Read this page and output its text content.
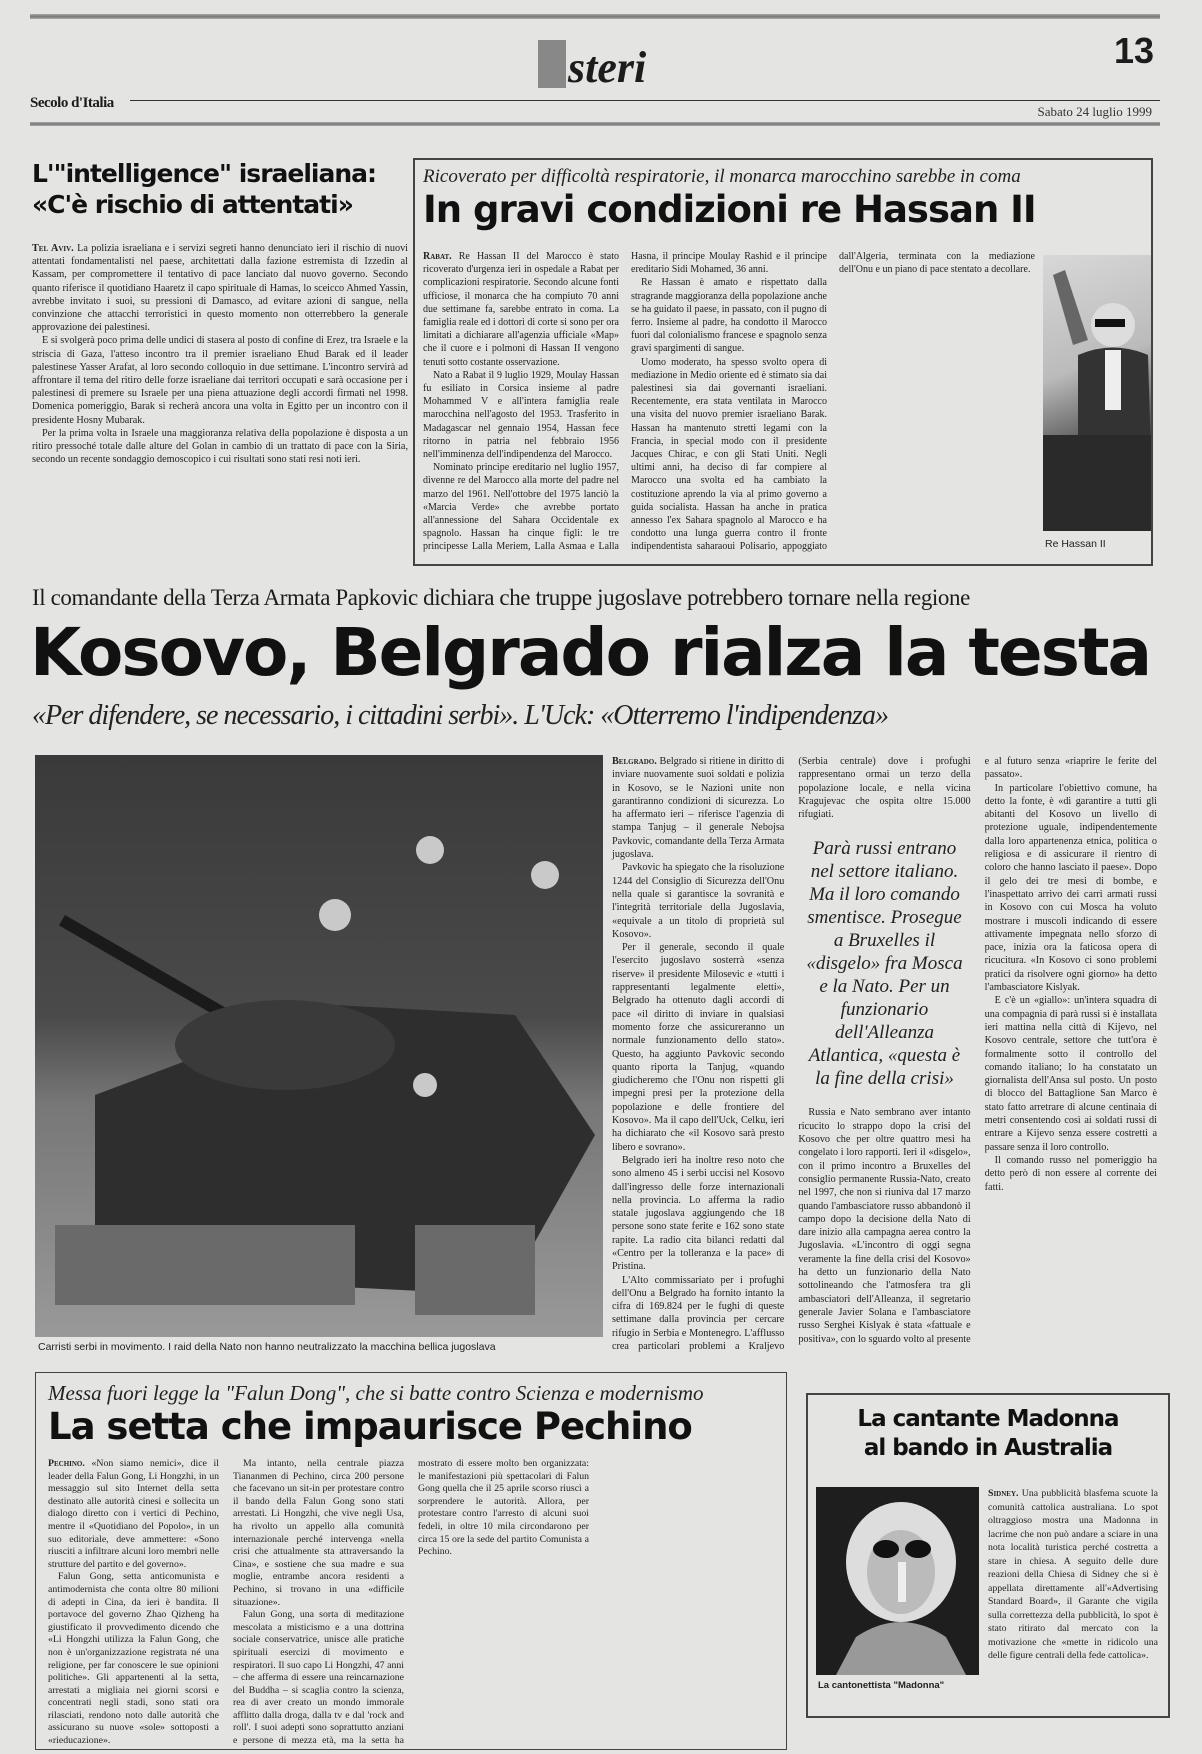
steri	13
Secolo d'Italia
Sabato 24 luglio 1999
L'"intelligence" israeliana:
«C'è rischio di attentati»

Tel Aviv. La polizia israeliana e i servizi segreti hanno denunciato ieri il rischio di nuovi attentati fondamentalisti nel paese, architettati dalla fazione estremista di Izzedin al Kassam, per compromettere il tentativo di pace lanciato dal nuovo governo. Secondo quanto riferisce il quotidiano Haaretz il capo spirituale di Hamas, lo sceicco Ahmed Yassin, avrebbe invitato i suoi, su pressioni di Damasco, ad evitare azioni di sangue, nella convinzione che attacchi terroristici in questo momento non otterrebbero la generale approvazione dei palestinesi.

E si svolgerà poco prima delle undici di stasera al posto di confine di Erez, tra Israele e la striscia di Gaza, l'atteso incontro tra il premier israeliano Ehud Barak ed il leader palestinese Yasser Arafat, al loro secondo colloquio in due settimane. L'incontro servirà ad affrontare il tema del ritiro delle forze israeliane dai territori occupati e sarà occasione per i palestinesi di premere su Israele per una piena attuazione degli accordi firmati nel 1998. Domenica pomeriggio, Barak si recherà ancora una volta in Egitto per un incontro con il presidente Hosny Mubarak.

Per la prima volta in Israele una maggioranza relativa della popolazione è disposta a un ritiro pressoché totale dalle alture del Golan in cambio di un trattato di pace con la Siria, secondo un recente sondaggio demoscopico i cui risultati sono stati resi noti ieri.

Ricoverato per difficoltà respiratorie, il monarca marocchino sarebbe in coma
In gravi condizioni re Hassan II

Rabat. Re Hassan II del Marocco è stato ricoverato d'urgenza ieri in ospedale a Rabat per complicazioni respiratorie. Secondo alcune fonti ufficiose, il monarca che ha compiuto 70 anni due settimane fa, sarebbe entrato in coma. La famiglia reale ed i dottori di corte si sono per ora limitati a dichiarare all'agenzia ufficiale «Map» che il cuore e i polmoni di Hassan II vengono tenuti sotto costante osservazione.

Nato a Rabat il 9 luglio 1929, Moulay Hassan fu esiliato in Corsica insieme al padre Mohammed V e all'intera famiglia reale marocchina nell'agosto del 1953. Trasferito in Madagascar nel gennaio 1954, Hassan fece ritorno in patria nel febbraio 1956 nell'imminenza dell'indipendenza del Marocco.

Nominato principe ereditario nel luglio 1957, divenne re del Marocco alla morte del padre nel marzo del 1961. Nell'ottobre del 1975 lanciò la «Marcia Verde» che avrebbe portato all'annessione del Sahara Occidentale ex spagnolo. Hassan ha cinque figli: le tre principesse Lalla Meriem, Lalla Asmaa e Lalla Hasna, il principe Moulay Rashid e il principe ereditario Sidi Mohamed, 36 anni.

Re Hassan è amato e rispettato dalla stragrande maggioranza della popolazione anche se ha guidato il paese, in passato, con il pugno di ferro. Insieme al padre, ha condotto il Marocco fuori dal colonialismo francese e spagnolo senza gravi spargimenti di sangue.

Uomo moderato, ha spesso svolto opera di mediazione in Medio oriente ed è stimato sia dai palestinesi sia dai governanti israeliani. Recentemente, era stata ventilata in Marocco una visita del nuovo premier israeliano Barak. Hassan ha mantenuto stretti legami con la Francia, in special modo con il presidente Jacques Chirac, e con gli Stati Uniti. Negli ultimi anni, ha deciso di far compiere al Marocco una svolta ed ha cambiato la costituzione aprendo la via al primo governo a guida socialista. Hassan ha anche in pratica annesso l'ex Sahara spagnolo al Marocco e ha condotto una lunga guerra contro il fronte indipendentista saharaoui Polisario, appoggiato dall'Algeria, terminata con la mediazione dell'Onu e un piano di pace stentato a decollare.

Re Hassan II
Il comandante della Terza Armata Papkovic dichiara che truppe jugoslave potrebbero tornare nella regione
Kosovo, Belgrado rialza la testa
«Per difendere, se necessario, i cittadini serbi». L'Uck: «Otterremo l'indipendenza»
Carristi serbi in movimento. I raid della Nato non hanno neutralizzato la macchina bellica jugoslava

Belgrado. Belgrado si ritiene in diritto di inviare nuovamente suoi soldati e polizia in Kosovo, se le Nazioni unite non garantiranno condizioni di sicurezza. Lo ha affermato ieri – riferisce l'agenzia di stampa Tanjug – il generale Nebojsa Pavkovic, comandante della Terza Armata jugoslava.

Pavkovic ha spiegato che la risoluzione 1244 del Consiglio di Sicurezza dell'Onu nella quale si garantisce la sovranità e l'integrità territoriale della Jugoslavia, «equivale a un titolo di proprietà sul Kosovo».

Per il generale, secondo il quale l'esercito jugoslavo sosterrà «senza riserve» il presidente Milosevic e «tutti i rappresentanti legalmente eletti», Belgrado ha ottenuto dagli accordi di pace «il diritto di inviare in qualsiasi momento forze che assicureranno un normale funzionamento dello stato». Questo, ha aggiunto Pavkovic secondo quanto riporta la Tanjug, «quando giudicheremo che l'Onu non rispetti gli impegni presi per la protezione della popolazione e delle frontiere del Kosovo». Ma il capo dell'Uck, Celku, ieri ha dichiarato che «il Kosovo sarà presto libero e sovrano».

Belgrado ieri ha inoltre reso noto che sono almeno 45 i serbi uccisi nel Kosovo dall'ingresso delle forze internazionali nella provincia. Lo afferma la radio statale jugoslava aggiungendo che 18 persone sono state ferite e 162 sono state rapite. La radio cita bilanci redatti dal «Centro per la tolleranza e la pace» di Pristina.

L'Alto commissariato per i profughi dell'Onu a Belgrado ha fornito intanto la cifra di 169.824 per le fughi di queste settimane dalla provincia per cercare rifugio in Serbia e Montenegro. L'afflusso crea particolari problemi a Kraljevo (Serbia centrale) dove i profughi rappresentano ormai un terzo della popolazione locale, e nella vicina Kragujevac che ospita oltre 15.000 rifugiati.

Parà russi entrano nel settore italiano. Ma il loro comando smentisce. Prosegue a Bruxelles il «disgelo» fra Mosca e la Nato. Per un funzionario dell'Alleanza Atlantica, «questa è la fine della crisi»

Russia e Nato sembrano aver intanto ricucito lo strappo dopo la crisi del Kosovo che per oltre quattro mesi ha congelato i loro rapporti. Ieri il «disgelo», con il primo incontro a Bruxelles del consiglio permanente Russia-Nato, creato nel 1997, che non si riuniva dal 17 marzo quando l'ambasciatore russo abbandonò il campo dopo la decisione della Nato di dare inizio alla campagna aerea contro la Jugoslavia. «L'incontro di oggi segna veramente la fine della crisi del Kosovo» ha detto un funzionario della Nato sottolineando che l'atmosfera tra gli ambasciatori dell'Alleanza, il segretario generale Javier Solana e l'ambasciatore russo Serghei Kislyak è stata «fattuale e positiva», con lo sguardo volto al presente e al futuro senza «riaprire le ferite del passato».

In particolare l'obiettivo comune, ha detto la fonte, è «di garantire a tutti gli abitanti del Kosovo un livello di protezione uguale, indipendentemente dalla loro appartenenza etnica, politica o religiosa e di assicurare il rientro di coloro che hanno lasciato il paese». Dopo il gelo dei tre mesi di bombe, e l'inaspettato arrivo dei carri armati russi in Kosovo con cui Mosca ha voluto mostrare i muscoli indicando di essere attivamente impegnata nello sforzo di pace, inizia ora la faticosa opera di ricucitura. «In Kosovo ci sono problemi pratici da risolvere ogni giorno» ha detto l'ambasciatore Kislyak.

E c'è un «giallo»: un'intera squadra di una compagnia di parà russi si è installata ieri mattina nella città di Kijevo, nel Kosovo centrale, settore che tutt'ora è formalmente sotto il controllo del comando italiano; lo ha constatato un giornalista dell'Ansa sul posto. Un posto di blocco del Battaglione San Marco è stato fatto arretrare di alcune centinaia di metri consentendo così ai soldati russi di entrare a Kijevo senza essere costretti a passare senza il loro controllo.

Il comando russo nel pomeriggio ha detto però di non essere al corrente dei fatti.

Messa fuori legge la "Falun Dong", che si batte contro Scienza e modernismo
La setta che impaurisce Pechino

Pechino. «Non siamo nemici», dice il leader della Falun Gong, Li Hongzhi, in un messaggio sul sito Internet della setta destinato alle autorità cinesi e sollecita un dialogo diretto con i vertici di Pechino, mentre il «Quotidiano del Popolo», in un suo editoriale, deve ammettere: «Sono riusciti a infiltrare alcuni loro membri nelle strutture del partito e del governo».

Falun Gong, setta anticomunista e antimodernista che conta oltre 80 milioni di adepti in Cina, da ieri è bandita. Il portavoce del governo Zhao Qizheng ha giustificato il provvedimento dicendo che «Li Hongzhi utilizza la Falun Gong, che non è un'organizzazione registrata né una religione, per far conoscere le sue opinioni politiche». Gli appartenenti al la setta, arrestati a migliaia nei giorni scorsi e concentrati negli stadi, sono stati ora rilasciati, rendono noto dalle autorità che assicurano su nuove «sole» sottoposti a «rieducazione».

Ma intanto, nella centrale piazza Tiananmen di Pechino, circa 200 persone che facevano un sit-in per protestare contro il bando della Falun Gong sono stati arrestati. Li Hongzhi, che vive negli Usa, ha rivolto un appello alla comunità internazionale perché intervenga «nella crisi che attualmente sta attraversando la Cina», e sostiene che sua madre e sua moglie, entrambe ancora residenti a Pechino, si trovano in una «difficile situazione».

Falun Gong, una sorta di meditazione mescolata a misticismo e a una dottrina sociale conservatrice, unisce alle pratiche spirituali esercizi di movimento e respiratori. Il suo capo Li Hongzhi, 47 anni – che afferma di essere una reincarnazione del Buddha – si scaglia contro la scienza, rea di aver creato un mondo immorale afflitto dalla droga, dalla tv e dal 'rock and roll'. I suoi adepti sono soprattutto anziani e persone di mezza età, ma la setta ha mostrato di essere molto ben organizzata: le manifestazioni più spettacolari di Falun Gong quella che il 25 aprile scorso riuscì a sorprendere le autorità. Allora, per protestare contro l'arresto di alcuni suoi fedeli, in oltre 10 mila circondarono per circa 15 ore la sede del partito Comunista a Pechino.

La cantante Madonna
al bando in Australia
La cantonettista "Madonna"

Sidney. Una pubblicità blasfema scuote la comunità cattolica australiana. Lo spot oltraggioso mostra una Madonna in lacrime che non può andare a sciare in una nota località turistica perché costretta a stare in chiesa. A seguito delle dure reazioni della Chiesa di Sidney che si è appellata direttamente all'«Advertising Standard Board», il Garante che vigila sulla correttezza della pubblicità, lo spot è stato ritirato dal mercato con la motivazione che «mette in ridicolo una delle figure centrali della fede cattolica».
